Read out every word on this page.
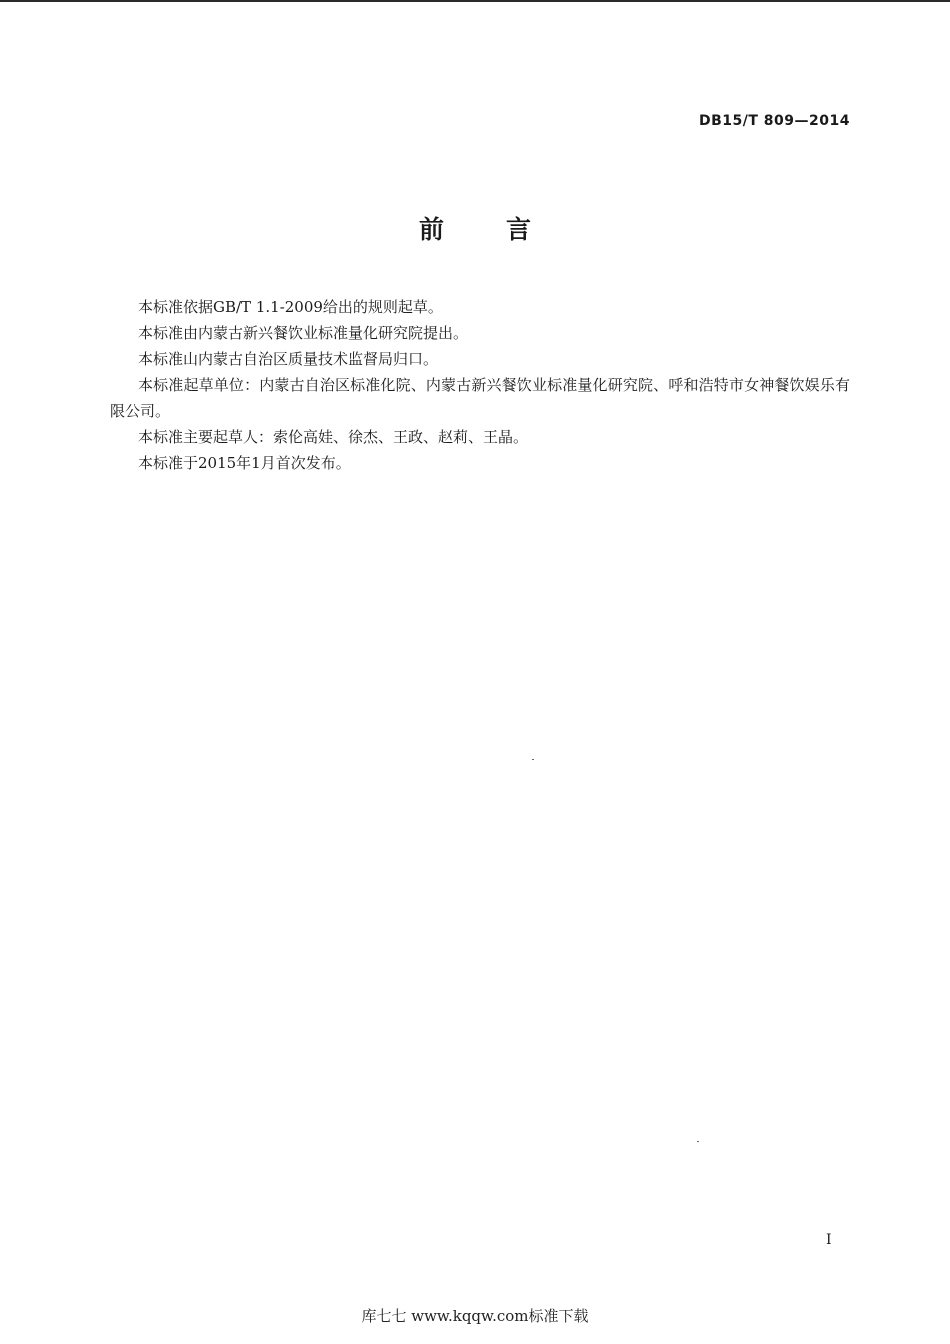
DB15/T 809—2014
前 言

本标准依据GB/T 1.1-2009给出的规则起草。

本标准由内蒙古新兴餐饮业标准量化研究院提出。

本标准山内蒙古自治区质量技术监督局归口。

本标准起草单位：内蒙古自治区标准化院、内蒙古新兴餐饮业标准量化研究院、呼和浩特市女神餐饮娱乐有限公司。

本标准主要起草人：索伦高娃、徐杰、王政、赵莉、王晶。

本标准于2015年1月首次发布。

I
库七七 www.kqqw.com标准下载
